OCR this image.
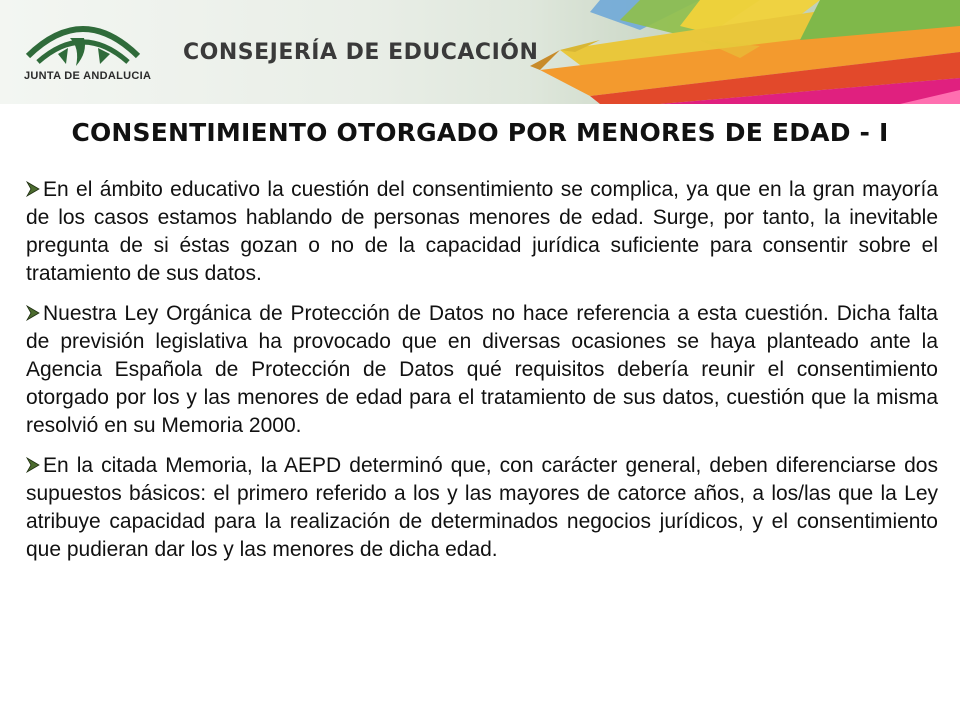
JUNTA DE ANDALUCIA
CONSEJERÍA DE EDUCACIÓN
CONSENTIMIENTO OTORGADO POR MENORES DE EDAD - I

En el ámbito educativo la cuestión del consentimiento se complica, ya que en la gran mayoría de los casos estamos hablando de personas menores de edad. Surge, por tanto, la inevitable pregunta de si éstas gozan o no de la capacidad jurídica suficiente para consentir sobre el tratamiento de sus datos.

Nuestra Ley Orgánica de Protección de Datos no hace referencia a esta cuestión. Dicha falta de previsión legislativa ha provocado que en diversas ocasiones se haya planteado ante la Agencia Española de Protección de Datos qué requisitos debería reunir el consentimiento otorgado por los y las menores de edad para el tratamiento de sus datos, cuestión que la misma resolvió en su Memoria 2000.

En la citada Memoria, la AEPD determinó que, con carácter general, deben diferenciarse dos supuestos básicos: el primero referido a los y las mayores de catorce años, a los/las que la Ley atribuye capacidad para la realización de determinados negocios jurídicos, y el consentimiento que pudieran dar los y las menores de dicha edad.
